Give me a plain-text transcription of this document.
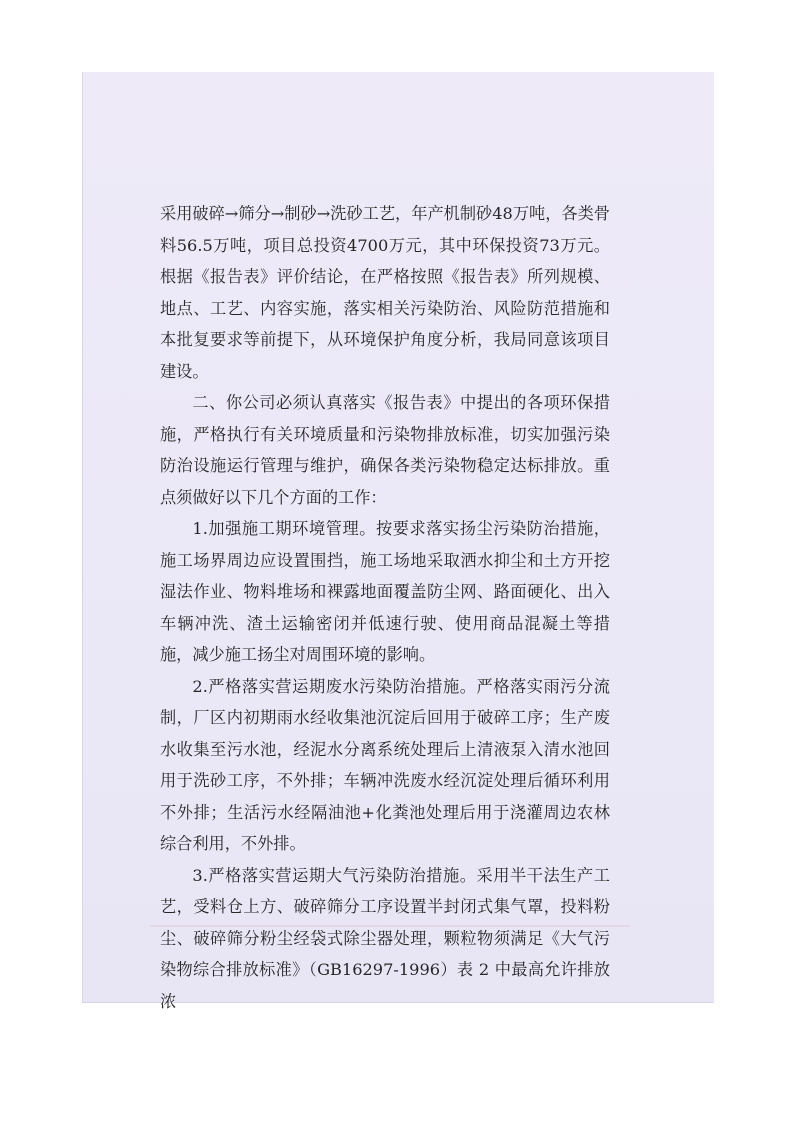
采用破碎→筛分→制砂→洗砂工艺，年产机制砂48万吨，各类骨料56.5万吨，项目总投资4700万元，其中环保投资73万元。根据《报告表》评价结论，在严格按照《报告表》所列规模、地点、工艺、内容实施，落实相关污染防治、风险防范措施和本批复要求等前提下，从环境保护角度分析，我局同意该项目建设。

二、你公司必须认真落实《报告表》中提出的各项环保措施，严格执行有关环境质量和污染物排放标准，切实加强污染防治设施运行管理与维护，确保各类污染物稳定达标排放。重点须做好以下几个方面的工作：

1.加强施工期环境管理。按要求落实扬尘污染防治措施，施工场界周边应设置围挡，施工场地采取洒水抑尘和土方开挖湿法作业、物料堆场和裸露地面覆盖防尘网、路面硬化、出入车辆冲洗、渣土运输密闭并低速行驶、使用商品混凝土等措施，减少施工扬尘对周围环境的影响。

2.严格落实营运期废水污染防治措施。严格落实雨污分流制，厂区内初期雨水经收集池沉淀后回用于破碎工序；生产废水收集至污水池，经泥水分离系统处理后上清液泵入清水池回用于洗砂工序，不外排；车辆冲洗废水经沉淀处理后循环利用不外排；生活污水经隔油池+化粪池处理后用于浇灌周边农林综合利用，不外排。

3.严格落实营运期大气污染防治措施。采用半干法生产工艺，受料仓上方、破碎筛分工序设置半封闭式集气罩，投料粉尘、破碎筛分粉尘经袋式除尘器处理，颗粒物须满足《大气污染物综合排放标准》（GB16297-1996）表 2 中最高允许排放浓
